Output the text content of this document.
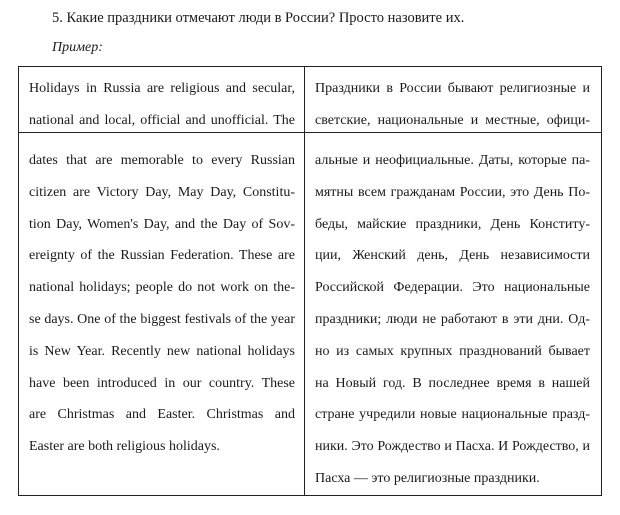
5. Какие праздники отмечают люди в России? Просто назовите их.
Пример:
Holidays in Russia are religious and secular,
national and local, official and unofficial. The
Праздники в России бывают религиозные и
светские, национальные и местные, офици-
dates that are memorable to every Russian
citizen are Victory Day, May Day, Constitu-
tion Day, Women's Day, and the Day of Sov-
ereignty of the Russian Federation. These are
national holidays; people do not work on the-
se days. One of the biggest festivals of the year
is New Year. Recently new national holidays
have been introduced in our country. These
are Christmas and Easter. Christmas and
Easter are both religious holidays.
альные и неофициальные. Даты, которые па-
мятны всем гражданам России, это День По-
беды, майские праздники, День Конститу-
ции, Женский день, День независимости
Российской Федерации. Это национальные
праздники; люди не работают в эти дни. Од-
но из самых крупных празднований бывает
на Новый год. В последнее время в нашей
стране учредили новые национальные празд-
ники. Это Рождество и Пасха. И Рождество, и
Пасха — это религиозные праздники.
